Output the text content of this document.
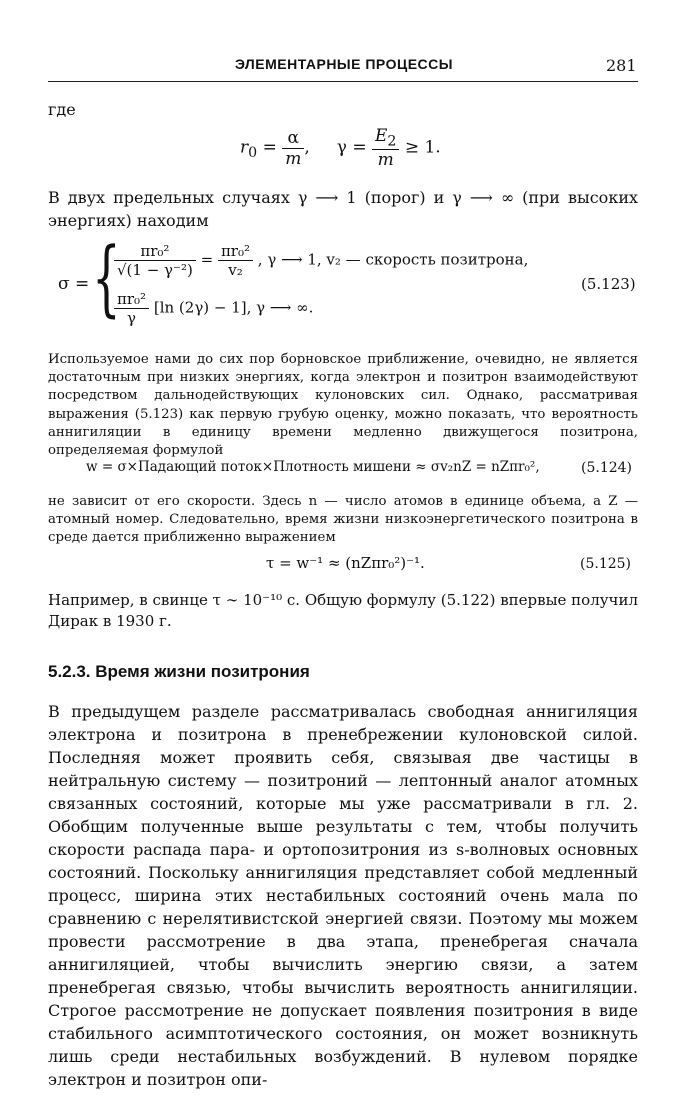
ЭЛЕМЕНТАРНЫЕ ПРОЦЕССЫ	281

где

$r_0 = \frac{\alpha}{m}$ ,     $\gamma = \frac{E_2}{m} \ge 1$.

В двух предельных случаях γ ⟶ 1 (порог) и γ ⟶ ∞ (при высоких энергиях) находим

σ = {
$\frac{\text{πr₀²}}{\text{√(1 − γ⁻²)}} = \frac{\text{πr₀²}}{\text{v₂}}$ , γ ⟶ 1, v₂ — скорость позитрона,
$\frac{\text{πr₀²}}{\gamma} [\ln$ (2γ) − 1], γ ⟶ ∞.
(5.123)

Используемое нами до сих пор борновское приближение, очевидно, не является достаточным при низких энергиях, когда электрон и позитрон взаимодействуют посредством дальнодействующих кулоновских сил. Однако, рассматривая выражения (5.123) как первую грубую оценку, можно показать, что вероятность аннигиляции в единицу времени медленно движущегося позитрона, определяемая формулой

w = σ×Падающий поток×Плотность мишени ≈ σv₂nZ = nZπr₀²,	(5.124)

не зависит от его скорости. Здесь n — число атомов в единице объема, а Z — атомный номер. Следовательно, время жизни низкоэнергетического позитрона в среде дается приближенно выражением

τ = w⁻¹ ≈ (nZπr₀²)⁻¹.	(5.125)

Например, в свинце τ ∼ 10⁻¹⁰ с. Общую формулу (5.122) впервые получил Дирак в 1930 г.

5.2.3. Время жизни позитрония

В предыдущем разделе рассматривалась свободная аннигиляция электрона и позитрона в пренебрежении кулоновской силой. Последняя может проявить себя, связывая две частицы в нейтральную систему — позитроний — лептонный аналог атомных связанных состояний, которые мы уже рассматривали в гл. 2. Обобщим полученные выше результаты с тем, чтобы получить скорости распада пара- и ортопозитрония из s-волновых основных состояний. Поскольку аннигиляция представляет собой медленный процесс, ширина этих нестабильных состояний очень мала по сравнению с нерелятивистской энергией связи. Поэтому мы можем провести рассмотрение в два этапа, пренебрегая сначала аннигиляцией, чтобы вычислить энергию связи, а затем пренебрегая связью, чтобы вычислить вероятность аннигиляции. Строгое рассмотрение не допускает появления позитрония в виде стабильного асимптотического состояния, он может возникнуть лишь среди нестабильных возбуждений. В нулевом порядке электрон и позитрон опи-
